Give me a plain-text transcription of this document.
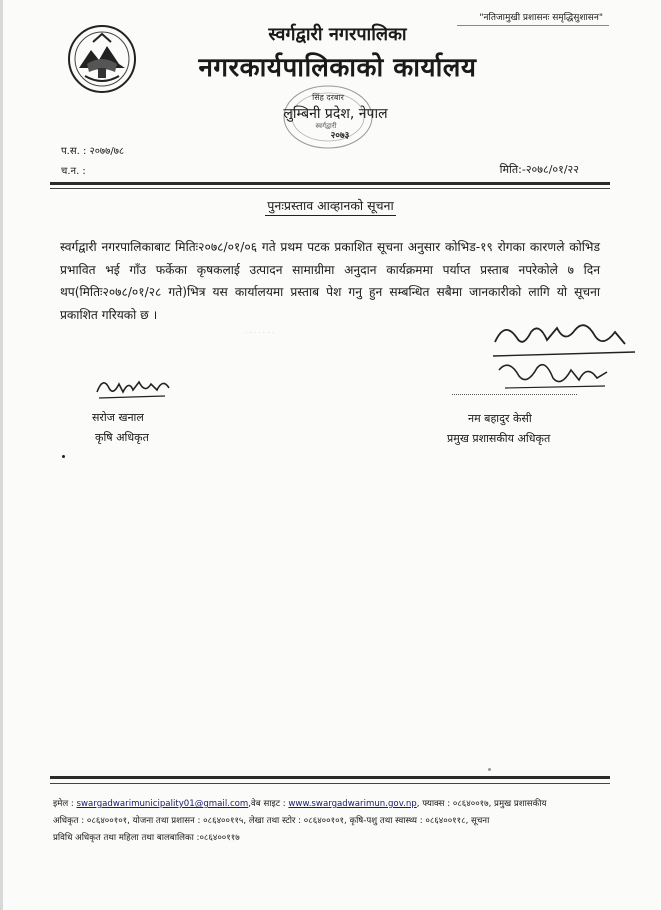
"नतिजामुखी प्रशासनः समृद्धिसुशासन"
स्वर्गद्वारी नगरपालिका
नगरकार्यपालिकाको कार्यालय
सिंह दरबार
स्वर्गद्वारी
२०७३
लुम्बिनी प्रदेश, नेपाल
प.स. : २०७७/७८
च.न. :	मिति:-२०७८/०१/२२
पुनःप्रस्ताव आव्हानको सूचना
स्वर्गद्वारी नगरपालिकाबाट मितिः२०७८/०१/०६ गते प्रथम पटक प्रकाशित सूचना अनुसार कोभिड-१९ रोगका कारणले कोभिड प्रभावित भई गाँउ फर्केका कृषकलाई उत्पादन सामाग्रीमा अनुदान कार्यक्रममा पर्याप्त प्रस्ताब नपरेकोले ७ दिन थप(मितिः२०७८/०१/२८ गते)भित्र यस कार्यालयमा प्रस्ताब पेश गनु हुन सम्बन्धित सबैमा जानकारीको लागि यो सूचना प्रकाशित गरियको छ ।
· · · · · · ·
सरोज खनाल
कृषि अधिकृत
नम बहादुर केसी
प्रमुख प्रशासकीय अधिकृत
इमेल : swargadwarimunicipality01@gmail.com,वेब साइट : www.swargadwarimun.gov.np, फ्याक्स : ०८६४००१७, प्रमुख प्रशासकीय
अधिकृत : ०८६४००१०१, योजना तथा प्रशासन : ०८६४००११५, लेखा तथा स्टोर : ०८६४००१०१, कृषि-पशु तथा स्वास्थ्य : ०८६४००११८, सूचना
प्रविधि अधिकृत तथा महिला तथा बालबालिका :०८६४००११७
